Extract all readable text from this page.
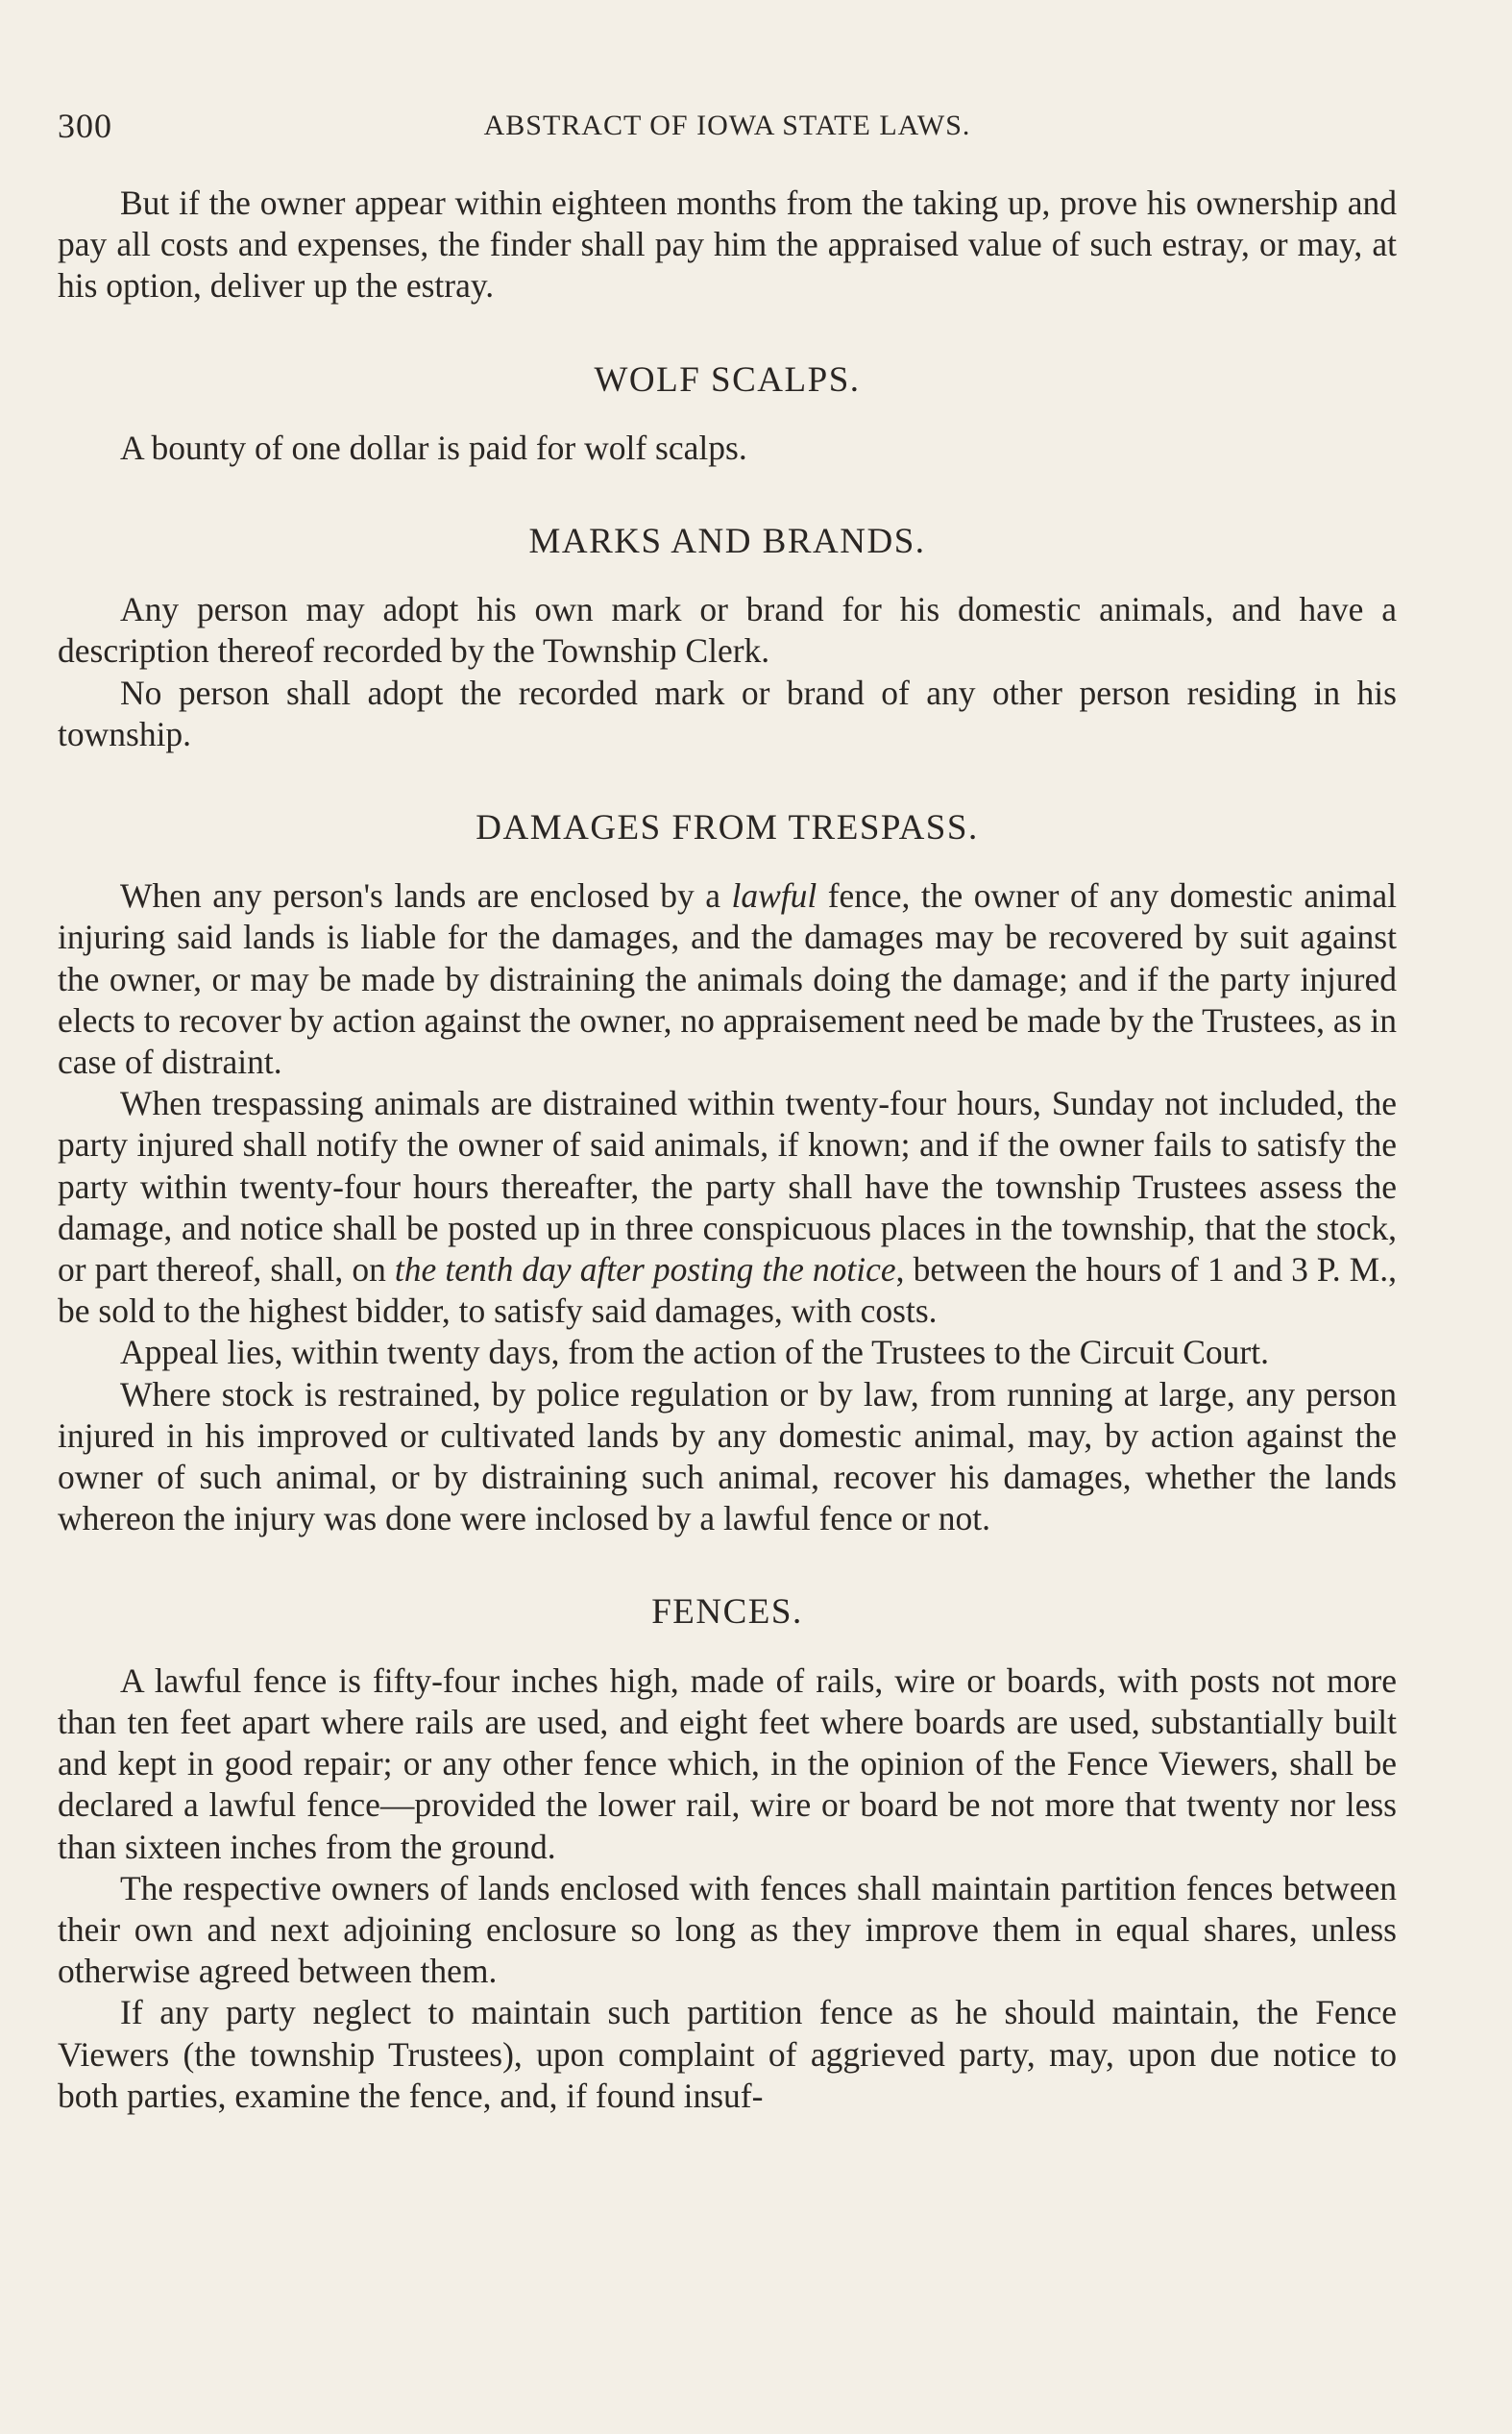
300	ABSTRACT OF IOWA STATE LAWS.

But if the owner appear within eighteen months from the taking up, prove his ownership and pay all costs and expenses, the finder shall pay him the appraised value of such estray, or may, at his option, deliver up the estray.

WOLF SCALPS.

A bounty of one dollar is paid for wolf scalps.

MARKS AND BRANDS.

Any person may adopt his own mark or brand for his domestic animals, and have a description thereof recorded by the Township Clerk.

No person shall adopt the recorded mark or brand of any other person residing in his township.

DAMAGES FROM TRESPASS.

When any person's lands are enclosed by a lawful fence, the owner of any domestic animal injuring said lands is liable for the damages, and the damages may be recovered by suit against the owner, or may be made by distraining the animals doing the damage; and if the party injured elects to recover by action against the owner, no appraisement need be made by the Trustees, as in case of distraint.

When trespassing animals are distrained within twenty-four hours, Sunday not included, the party injured shall notify the owner of said animals, if known; and if the owner fails to satisfy the party within twenty-four hours thereafter, the party shall have the township Trustees assess the damage, and notice shall be posted up in three conspicuous places in the township, that the stock, or part thereof, shall, on the tenth day after posting the notice, between the hours of 1 and 3 P. M., be sold to the highest bidder, to satisfy said damages, with costs.

Appeal lies, within twenty days, from the action of the Trustees to the Circuit Court.

Where stock is restrained, by police regulation or by law, from running at large, any person injured in his improved or cultivated lands by any domestic animal, may, by action against the owner of such animal, or by distraining such animal, recover his damages, whether the lands whereon the injury was done were inclosed by a lawful fence or not.

FENCES.

A lawful fence is fifty-four inches high, made of rails, wire or boards, with posts not more than ten feet apart where rails are used, and eight feet where boards are used, substantially built and kept in good repair; or any other fence which, in the opinion of the Fence Viewers, shall be declared a lawful fence—provided the lower rail, wire or board be not more that twenty nor less than sixteen inches from the ground.

The respective owners of lands enclosed with fences shall maintain partition fences between their own and next adjoining enclosure so long as they improve them in equal shares, unless otherwise agreed between them.

If any party neglect to maintain such partition fence as he should maintain, the Fence Viewers (the township Trustees), upon complaint of aggrieved party, may, upon due notice to both parties, examine the fence, and, if found insuf-
